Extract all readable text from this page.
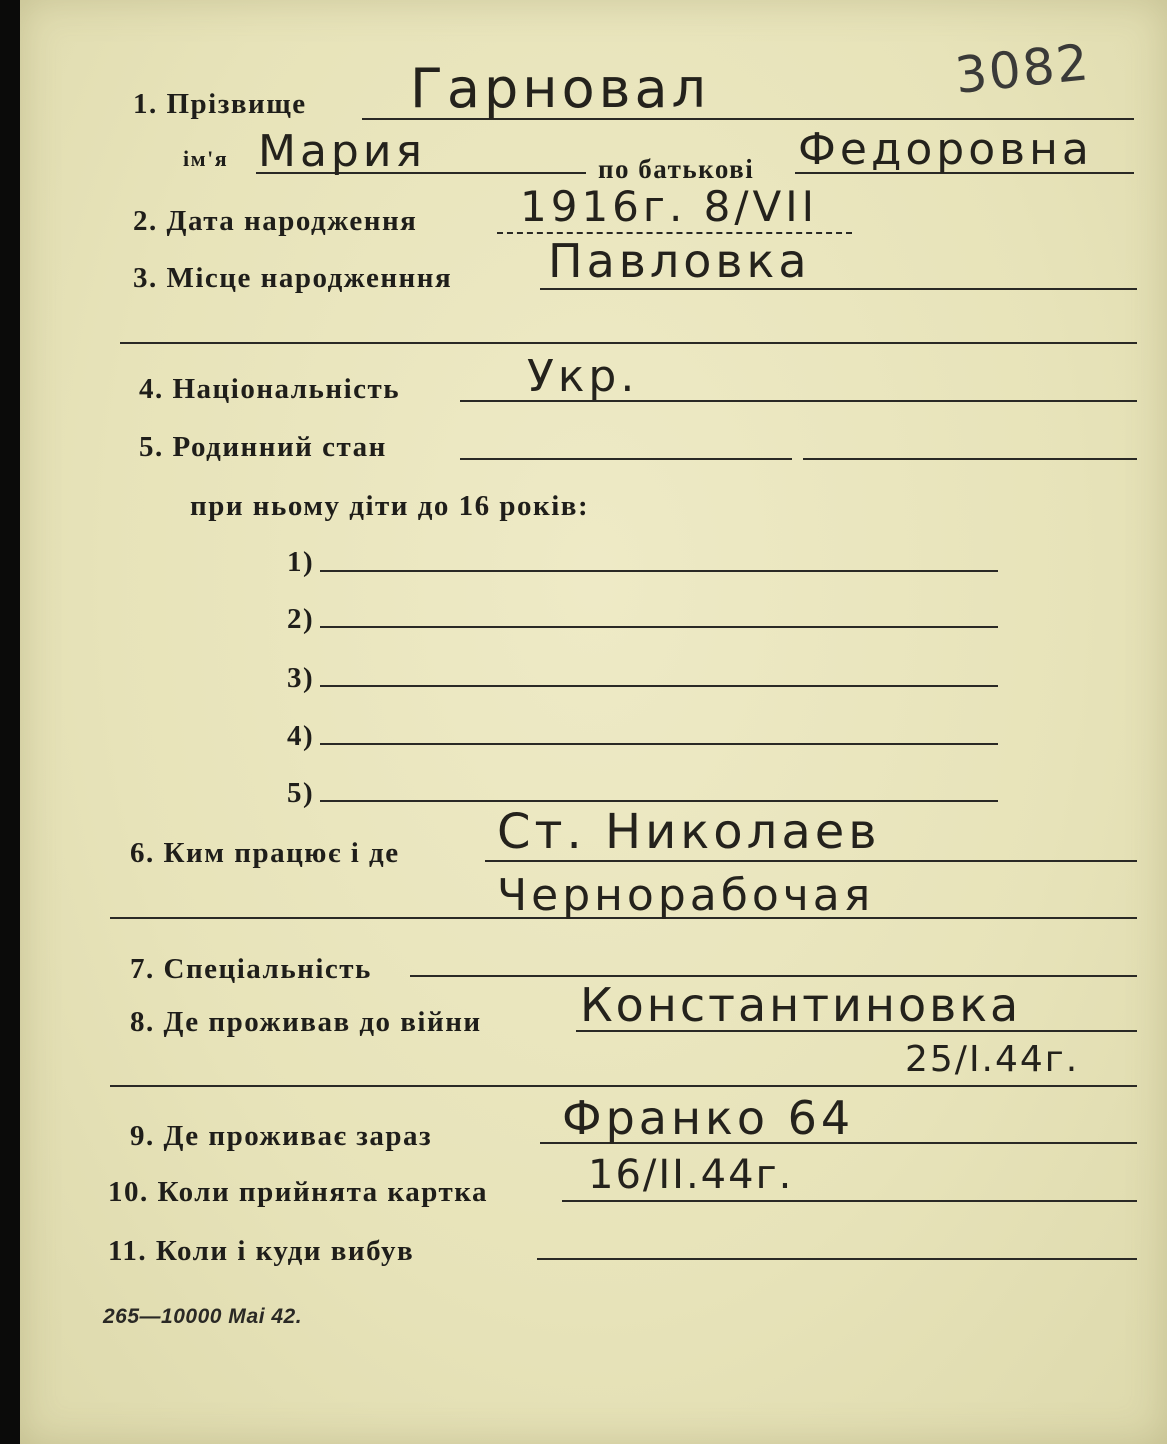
3082
1. Прізвище Гарновал
ім'я Мария	по батькові Федоровна
2. Дата народження 1916г. 8/VII
3. Місце народженння Павловка
4. Національність	Укр.
5. Родинний стан
при ньому діти до 16 років:
1)
2)
3)
4)
5)
6. Ким працює і де Ст. Николаев
Чернорабочая
7. Спеціальність
8. Де проживав до війни Константиновка
25/I.44г.
9. Де проживає зараз	Франко 64
10. Коли прийнята картка	16/II.44г.
11. Коли і куди вибув
265—10000 Маі 42.
